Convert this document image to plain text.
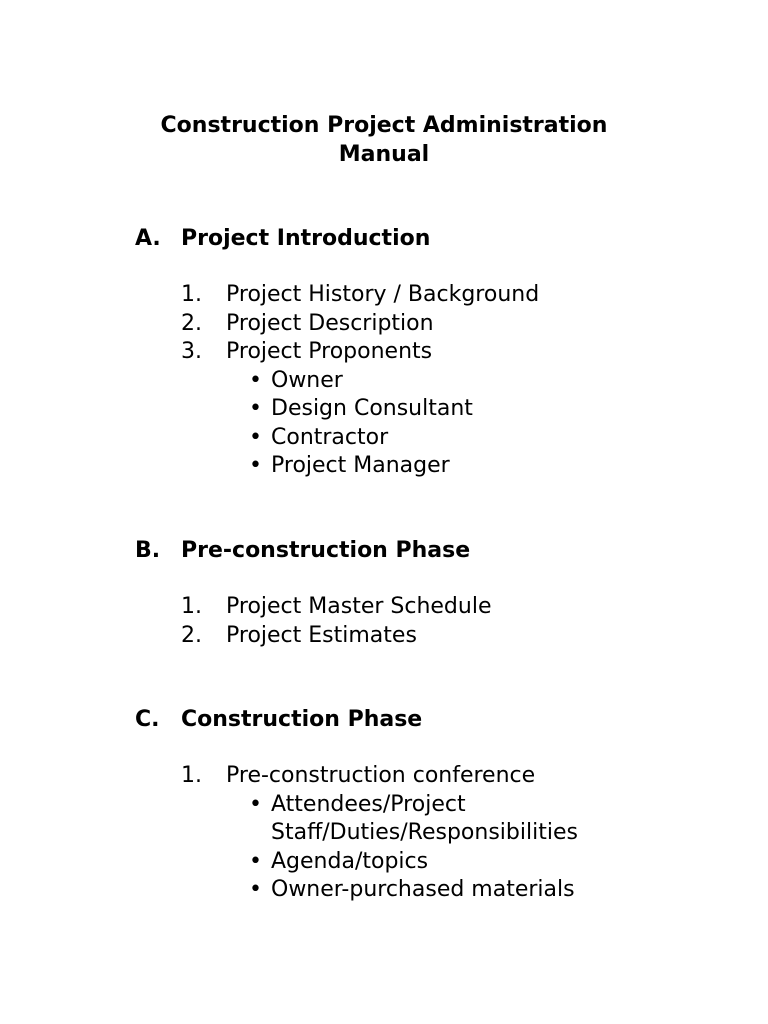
Construction Project Administration
Manual
A. Project Introduction
1. Project History / Background
2. Project Description
3. Project Proponents
• Owner
• Design Consultant
• Contractor
• Project Manager
B. Pre-construction Phase
1. Project Master Schedule
2. Project Estimates
C. Construction Phase
1. Pre-construction conference
• Attendees/Project Staff/Duties/Responsibilities
• Agenda/topics
• Owner-purchased materials
